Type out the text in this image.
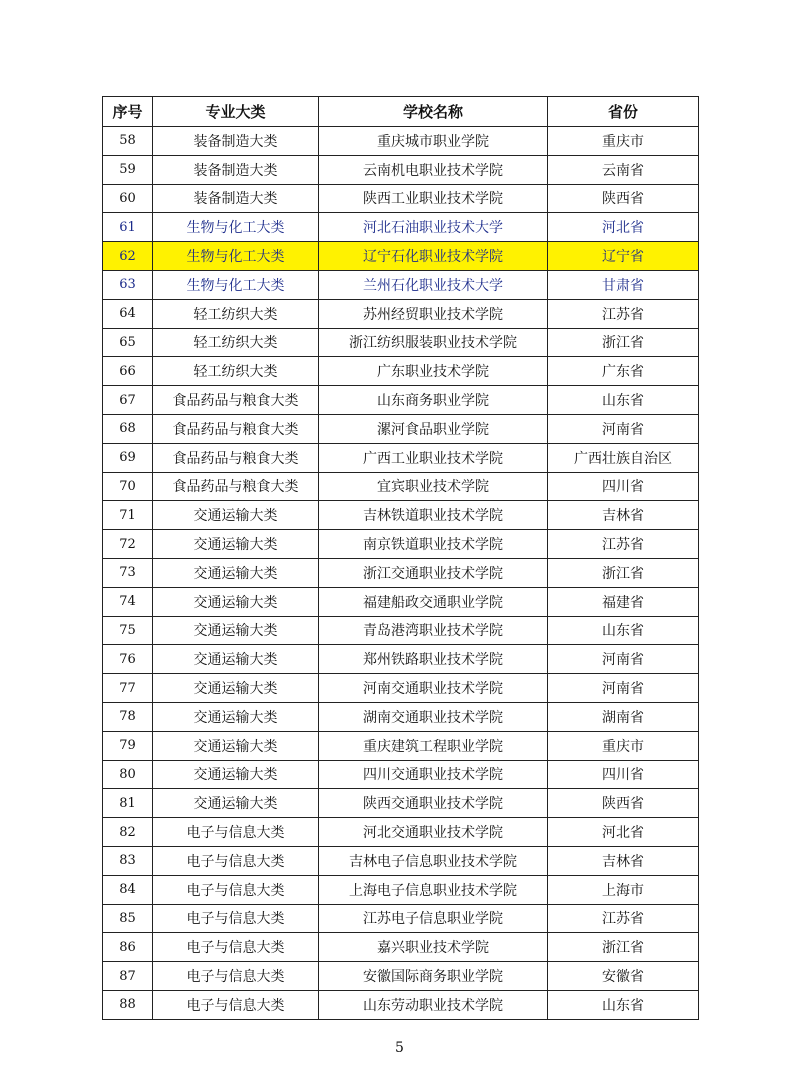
序号	专业大类	学校名称	省份
58	装备制造大类	重庆城市职业学院	重庆市
59	装备制造大类	云南机电职业技术学院	云南省
60	装备制造大类	陕西工业职业技术学院	陕西省
61	生物与化工大类	河北石油职业技术大学	河北省
62	生物与化工大类	辽宁石化职业技术学院	辽宁省
63	生物与化工大类	兰州石化职业技术大学	甘肃省
64	轻工纺织大类	苏州经贸职业技术学院	江苏省
65	轻工纺织大类	浙江纺织服装职业技术学院	浙江省
66	轻工纺织大类	广东职业技术学院	广东省
67	食品药品与粮食大类	山东商务职业学院	山东省
68	食品药品与粮食大类	漯河食品职业学院	河南省
69	食品药品与粮食大类	广西工业职业技术学院	广西壮族自治区
70	食品药品与粮食大类	宜宾职业技术学院	四川省
71	交通运输大类	吉林铁道职业技术学院	吉林省
72	交通运输大类	南京铁道职业技术学院	江苏省
73	交通运输大类	浙江交通职业技术学院	浙江省
74	交通运输大类	福建船政交通职业学院	福建省
75	交通运输大类	青岛港湾职业技术学院	山东省
76	交通运输大类	郑州铁路职业技术学院	河南省
77	交通运输大类	河南交通职业技术学院	河南省
78	交通运输大类	湖南交通职业技术学院	湖南省
79	交通运输大类	重庆建筑工程职业学院	重庆市
80	交通运输大类	四川交通职业技术学院	四川省
81	交通运输大类	陕西交通职业技术学院	陕西省
82	电子与信息大类	河北交通职业技术学院	河北省
83	电子与信息大类	吉林电子信息职业技术学院	吉林省
84	电子与信息大类	上海电子信息职业技术学院	上海市
85	电子与信息大类	江苏电子信息职业学院	江苏省
86	电子与信息大类	嘉兴职业技术学院	浙江省
87	电子与信息大类	安徽国际商务职业学院	安徽省
88	电子与信息大类	山东劳动职业技术学院	山东省
5
